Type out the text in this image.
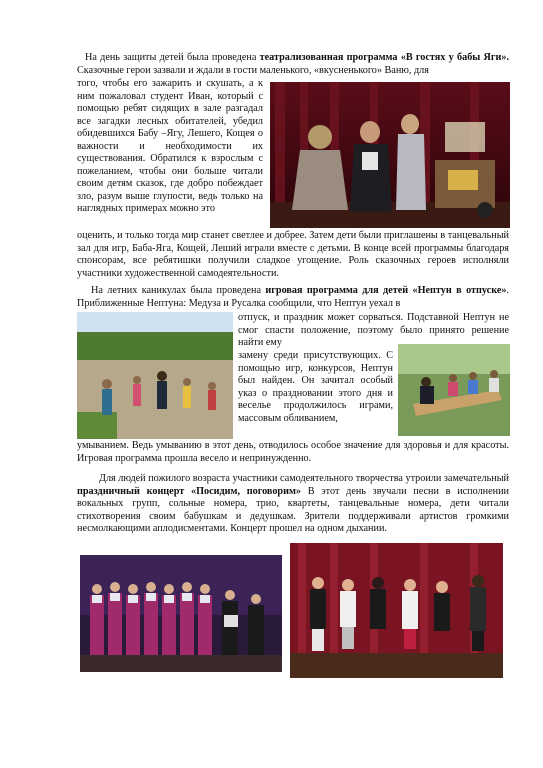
На день защиты детей была проведена театрализованная программа «В гостях у бабы Яги». Сказочные герои зазвали и ждали в гости маленького, «вкусненького» Ваню, для

того, чтобы его зажарить и скушать, а к ним пожаловал студент Иван, который с помощью ребят сидящих в зале разгадал все загадки лесных обитателей, убедил обидевшихся Бабу –Ягу, Лешего, Кощея о важности и необходимости их существования. Обратился к взрослым с пожеланием, чтобы они больше читали своим детям сказок, где добро побеждает зло, разум выше глупости, ведь только на наглядных примерах можно это

оценить, и только тогда мир станет светлее и добрее. Затем дети были приглашены в танцевальный зал для игр, Баба-Яга, Кощей, Леший играли вместе с детьми. В конце всей программы благодаря спонсорам, все ребятишки получили сладкое угощение. Роль сказочных героев исполняли участники художественной самодеятельности.

На летних каникулах была проведена игровая программа для детей «Нептун в отпуске». Приближенные Нептуна: Медуза и Русалка сообщили, что Нептун уехал в

отпуск, и праздник может сорваться. Подставной Нептун не смог спасти положение, поэтому было принято решение найти ему

замену среди присутствующих. С помощью игр, конкурсов, Нептун был найден. Он зачитал особый указ о праздновании этого дня и веселье продолжилось играми, массовым обливанием,

умыванием. Ведь умыванию в этот день, отводилось особое значение для здоровья и для красоты. Игровая программа прошла весело и непринужденно.

Для людей пожилого возраста участники самодеятельного творчества утроили замечательный праздничный концерт «Посидим, поговорим» В этот день звучали песни в исполнении вокальных групп, сольные номера, трио, квартеты, танцевальные номера, дети читали стихотворения своим бабушкам и дедушкам. Зрители поддерживали артистов громкими несмолкающими аплодисментами. Концерт прошел на одном дыхании.
